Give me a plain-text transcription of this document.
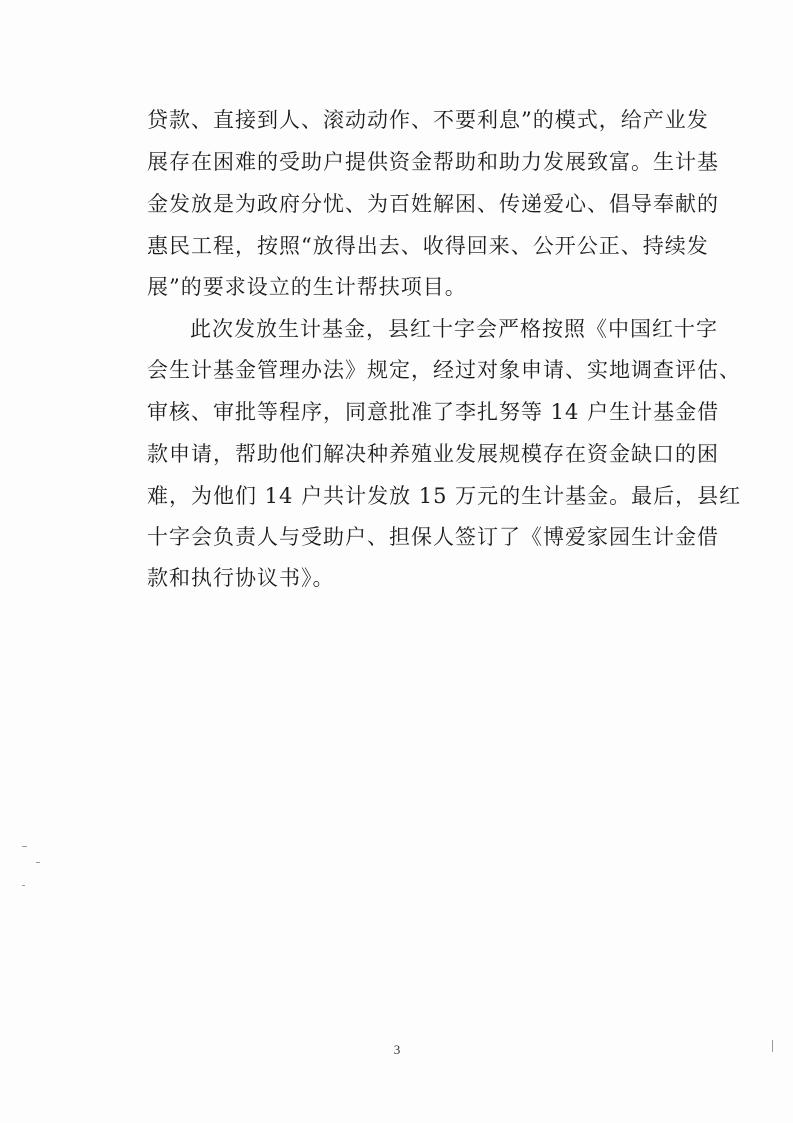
贷款、直接到人、滚动动作、不要利息”的模式，给产业发
展存在困难的受助户提供资金帮助和助力发展致富。生计基
金发放是为政府分忧、为百姓解困、传递爱心、倡导奉献的
惠民工程，按照“放得出去、收得回来、公开公正、持续发
展”的要求设立的生计帮扶项目。
此次发放生计基金，县红十字会严格按照《中国红十字
会生计基金管理办法》规定，经过对象申请、实地调查评估、
审核、审批等程序，同意批准了李扎努等 14 户生计基金借
款申请，帮助他们解决种养殖业发展规模存在资金缺口的困
难，为他们 14 户共计发放 15 万元的生计基金。最后，县红
十字会负责人与受助户、担保人签订了《博爱家园生计金借
款和执行协议书》。
3
